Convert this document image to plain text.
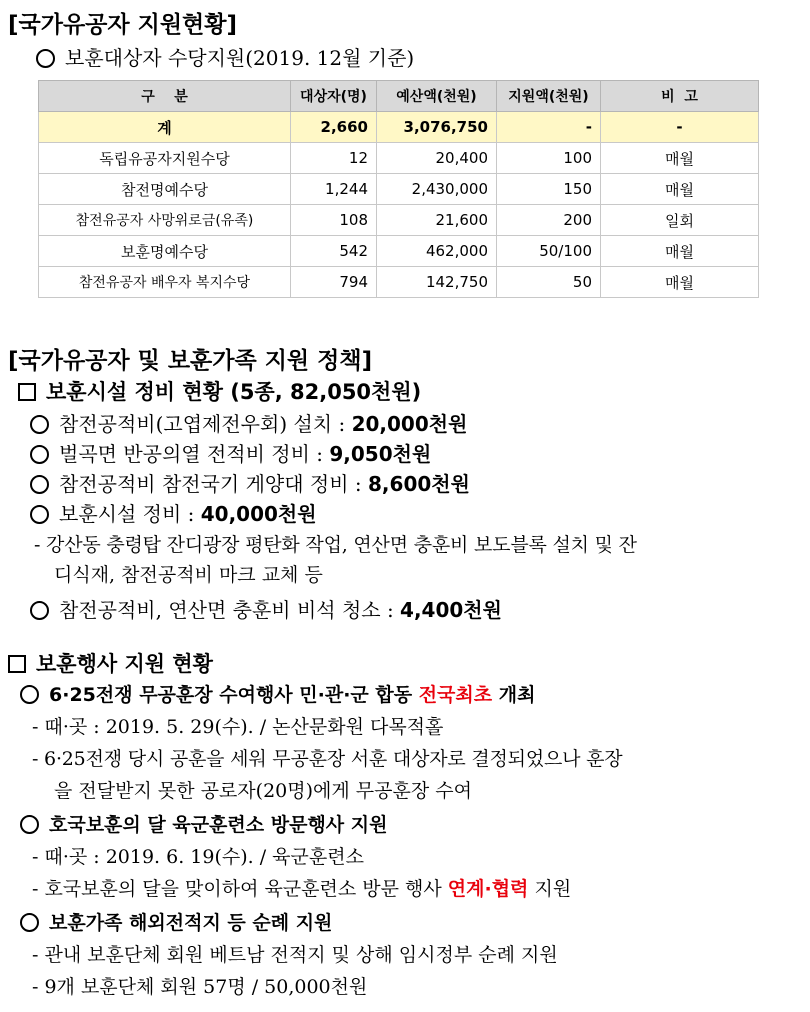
[국가유공자 지원현황]
보훈대상자 수당지원(2019. 12월 기준)
구    분	대상자(명)	예산액(천원)	지원액(천원)	비  고
계	2,660	3,076,750	-	-
독립유공자지원수당	12	20,400	100	매월
참전명예수당	1,244	2,430,000	150	매월
참전유공자 사망위로금(유족)	108	21,600	200	일회
보훈명예수당	542	462,000	50/100	매월
참전유공자 배우자 복지수당	794	142,750	50	매월
[국가유공자 및 보훈가족 지원 정책]
보훈시설 정비 현황 (5종, 82,050천원)
참전공적비(고엽제전우회) 설치 : 20,000천원
벌곡면 반공의열 전적비 정비 : 9,050천원
참전공적비 참전국기 게양대 정비 : 8,600천원
보훈시설 정비 : 40,000천원
- 강산동 충령탑 잔디광장 평탄화 작업, 연산면 충훈비 보도블록 설치 및 잔
디식재, 참전공적비 마크 교체 등
참전공적비, 연산면 충훈비 비석 청소 : 4,400천원
보훈행사 지원 현황
6·25전쟁 무공훈장 수여행사 민·관·군 합동 전국최초 개최
- 때·곳 : 2019. 5. 29(수). / 논산문화원 다목적홀
- 6·25전쟁 당시 공훈을 세워 무공훈장 서훈 대상자로 결정되었으나 훈장
을 전달받지 못한 공로자(20명)에게 무공훈장 수여
호국보훈의 달 육군훈련소 방문행사 지원
- 때·곳 : 2019. 6. 19(수). / 육군훈련소
- 호국보훈의 달을 맞이하여 육군훈련소 방문 행사 연계·협력 지원
보훈가족 해외전적지 등 순례 지원
- 관내 보훈단체 회원 베트남 전적지 및 상해 임시정부 순례 지원
- 9개 보훈단체 회원 57명 / 50,000천원
